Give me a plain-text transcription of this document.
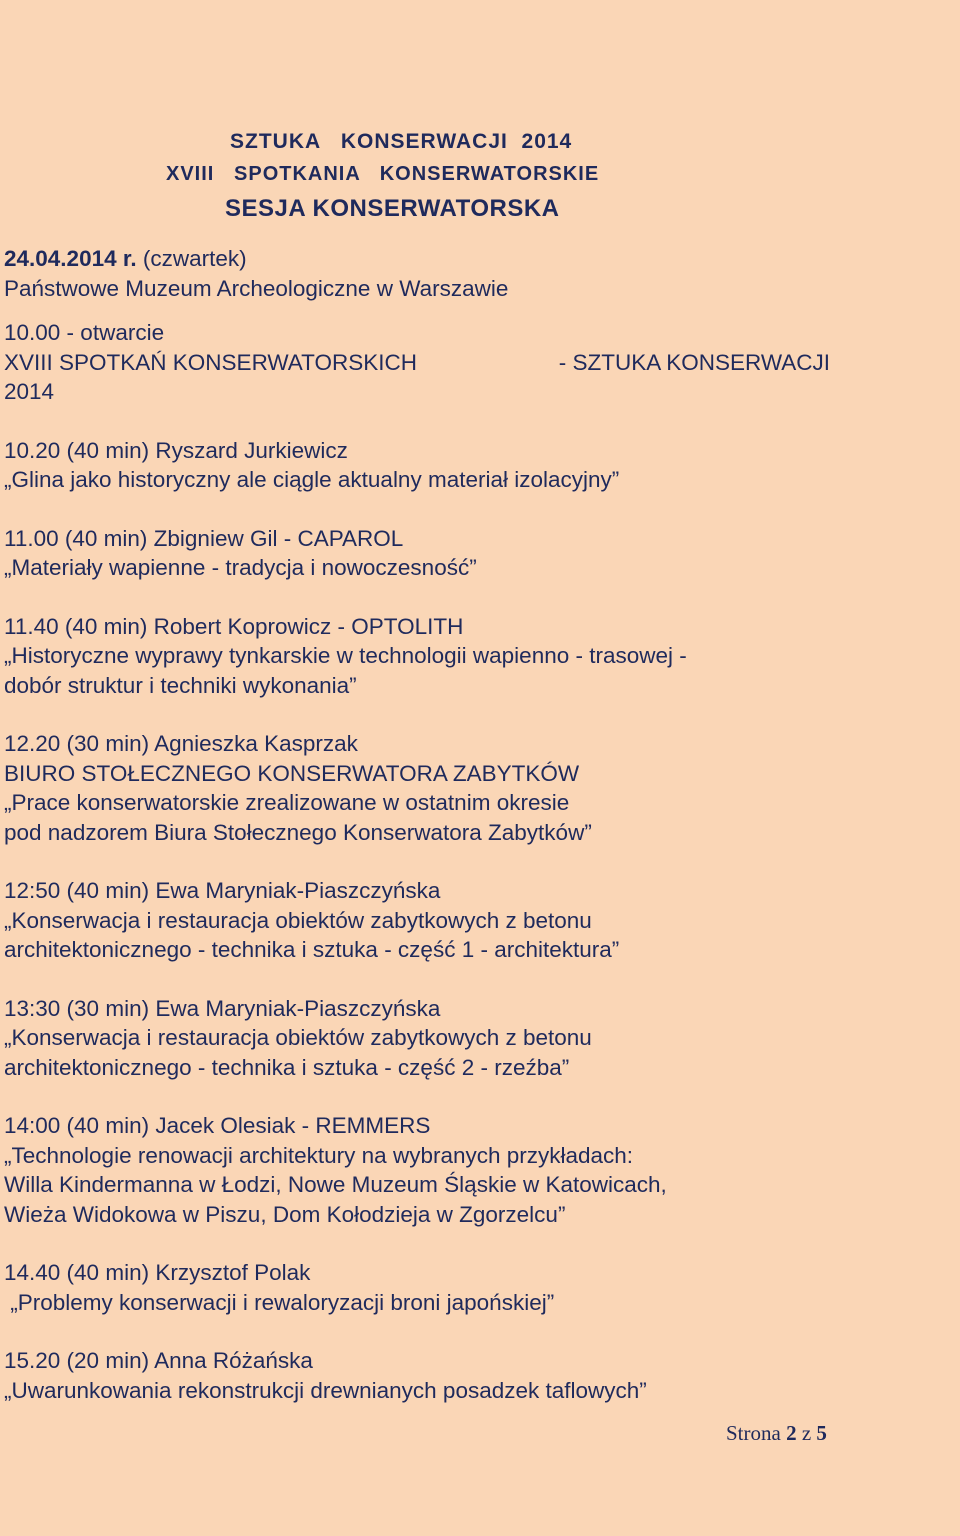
SZTUKA   KONSERWACJI  2014
XVIII   SPOTKANIA   KONSERWATORSKIE
SESJA KONSERWATORSKA
24.04.2014 r. (czwartek)
Państwowe Muzeum Archeologiczne w Warszawie
10.00 - otwarcie
XVIII SPOTKAŃ KONSERWATORSKICH	- SZTUKA KONSERWACJI
2014
10.20 (40 min) Ryszard Jurkiewicz
„Glina jako historyczny ale ciągle aktualny materiał izolacyjny”
11.00 (40 min) Zbigniew Gil - CAPAROL
„Materiały wapienne - tradycja i nowoczesność”
11.40 (40 min) Robert Koprowicz - OPTOLITH
„Historyczne wyprawy tynkarskie w technologii wapienno - trasowej -
dobór struktur i techniki wykonania”
12.20 (30 min) Agnieszka Kasprzak
BIURO STOŁECZNEGO KONSERWATORA ZABYTKÓW
„Prace konserwatorskie zrealizowane w ostatnim okresie
pod nadzorem Biura Stołecznego Konserwatora Zabytków”
12:50 (40 min) Ewa Maryniak-Piaszczyńska
„Konserwacja i restauracja obiektów zabytkowych z betonu
architektonicznego - technika i sztuka - część 1 - architektura”
13:30 (30 min) Ewa Maryniak-Piaszczyńska
„Konserwacja i restauracja obiektów zabytkowych z betonu
architektonicznego - technika i sztuka - część 2 - rzeźba”
14:00 (40 min) Jacek Olesiak - REMMERS
„Technologie renowacji architektury na wybranych przykładach:
Willa Kindermanna w Łodzi, Nowe Muzeum Śląskie w Katowicach,
Wieża Widokowa w Piszu, Dom Kołodzieja w Zgorzelcu”
14.40 (40 min) Krzysztof Polak
„Problemy konserwacji i rewaloryzacji broni japońskiej”
15.20 (20 min) Anna Różańska
„Uwarunkowania rekonstrukcji drewnianych posadzek taflowych”
Strona 2 z 5
